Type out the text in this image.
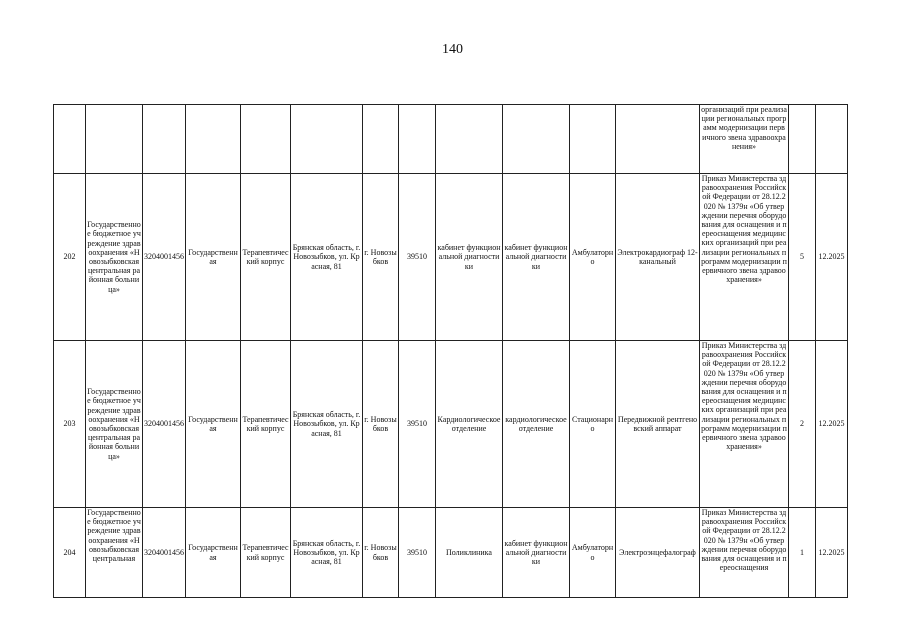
140
												организаций при реализации региональных программ модернизации первичного звена здравоохранения»		
202	Государственное бюджетное учреждение здравоохранения «Новозыбковская центральная районная больница»	3204001456	Государственная	Терапевтический корпус	Брянская область, г. Новозыбков, ул. Красная, 81	г. Новозыбков	39510	кабинет функциональной диагностики	кабинет функциональной диагностики	Амбулаторно	Электрокардиограф 12-канальный	Приказ Министерства здравоохранения Российской Федерации от 28.12.2020 № 1379н «Об утверждении перечня оборудования для оснащения и переоснащения медицинских организаций при реализации региональных программ модернизации первичного звена здравоохранения»	5	12.2025
203	Государственное бюджетное учреждение здравоохранения «Новозыбковская центральная районная больница»	3204001456	Государственная	Терапевтический корпус	Брянская область, г. Новозыбков, ул. Красная, 81	г. Новозыбков	39510	Кардиологическое отделение	кардиологическое отделение	Стационарно	Передвижной рентгеновский аппарат	Приказ Министерства здравоохранения Российской Федерации от 28.12.2020 № 1379н «Об утверждении перечня оборудования для оснащения и переоснащения медицинских организаций при реализации региональных программ модернизации первичного звена здравоохранения»	2	12.2025
204	Государственное бюджетное учреждение здравоохранения «Новозыбковская центральная	3204001456	Государственная	Терапевтический корпус	Брянская область, г. Новозыбков, ул. Красная, 81	г. Новозыбков	39510	Поликлиника	кабинет функциональной диагностики	Амбулаторно	Электроэнцефалограф	Приказ Министерства здравоохранения Российской Федерации от 28.12.2020 № 1379н «Об утверждении перечня оборудования для оснащения и переоснащения	1	12.2025
